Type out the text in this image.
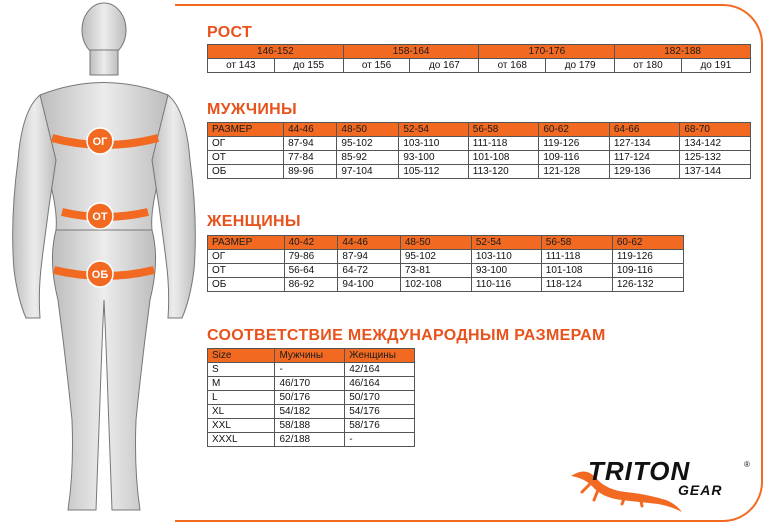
ОГ
ОТ
ОБ
РОСТ
146-152		158-164		170-176		182-188	
от 143	до 155	от 156	до 167	от 168	до 179	от 180	до 191
МУЖЧИНЫ
РАЗМЕР	44-46	48-50	52-54	56-58	60-62	64-66	68-70
ОГ	87-94	95-102	103-110	111-118	119-126	127-134	134-142
ОТ	77-84	85-92	93-100	101-108	109-116	117-124	125-132
ОБ	89-96	97-104	105-112	113-120	121-128	129-136	137-144
ЖЕНЩИНЫ
РАЗМЕР	40-42	44-46	48-50	52-54	56-58	60-62
ОГ	79-86	87-94	95-102	103-110	111-118	119-126
ОТ	56-64	64-72	73-81	93-100	101-108	109-116
ОБ	86-92	94-100	102-108	110-116	118-124	126-132
СООТВЕТСТВИЕ МЕЖДУНАРОДНЫМ РАЗМЕРАМ
Size	Мужчины	Женщины
S	-	42/164
M	46/170	46/164
L	50/176	50/170
XL	54/182	54/176
XXL	58/188	58/176
XXXL	62/188	-
TRITON
GEAR
®
